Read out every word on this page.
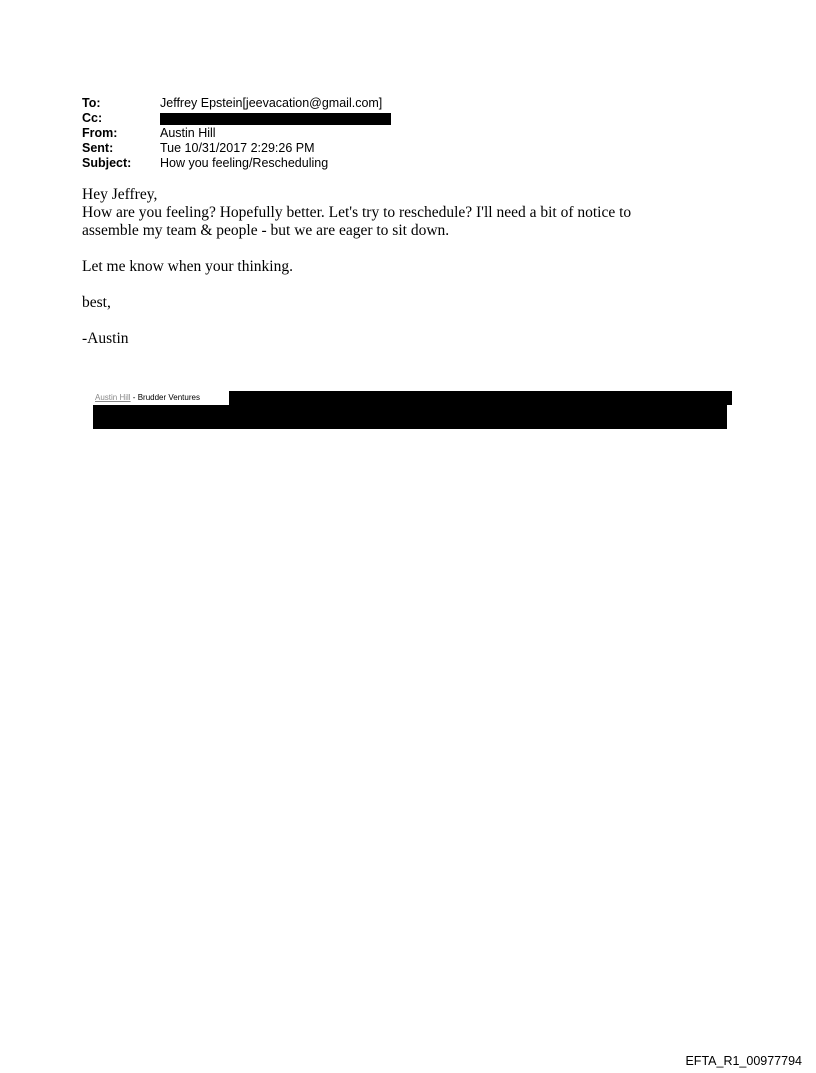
To:	Jeffrey Epstein[jeevacation@gmail.com]
Cc:
From:	Austin Hill
Sent:	Tue 10/31/2017 2:29:26 PM
Subject:	How you feeling/Rescheduling

Hey Jeffrey,

How are you feeling? Hopefully better. Let's try to reschedule? I'll need a bit of notice to

assemble my team & people - but we are eager to sit down.

Let me know when your thinking.

best,

-Austin

Austin Hill - Brudder Ventures
EFTA_R1_00977794
